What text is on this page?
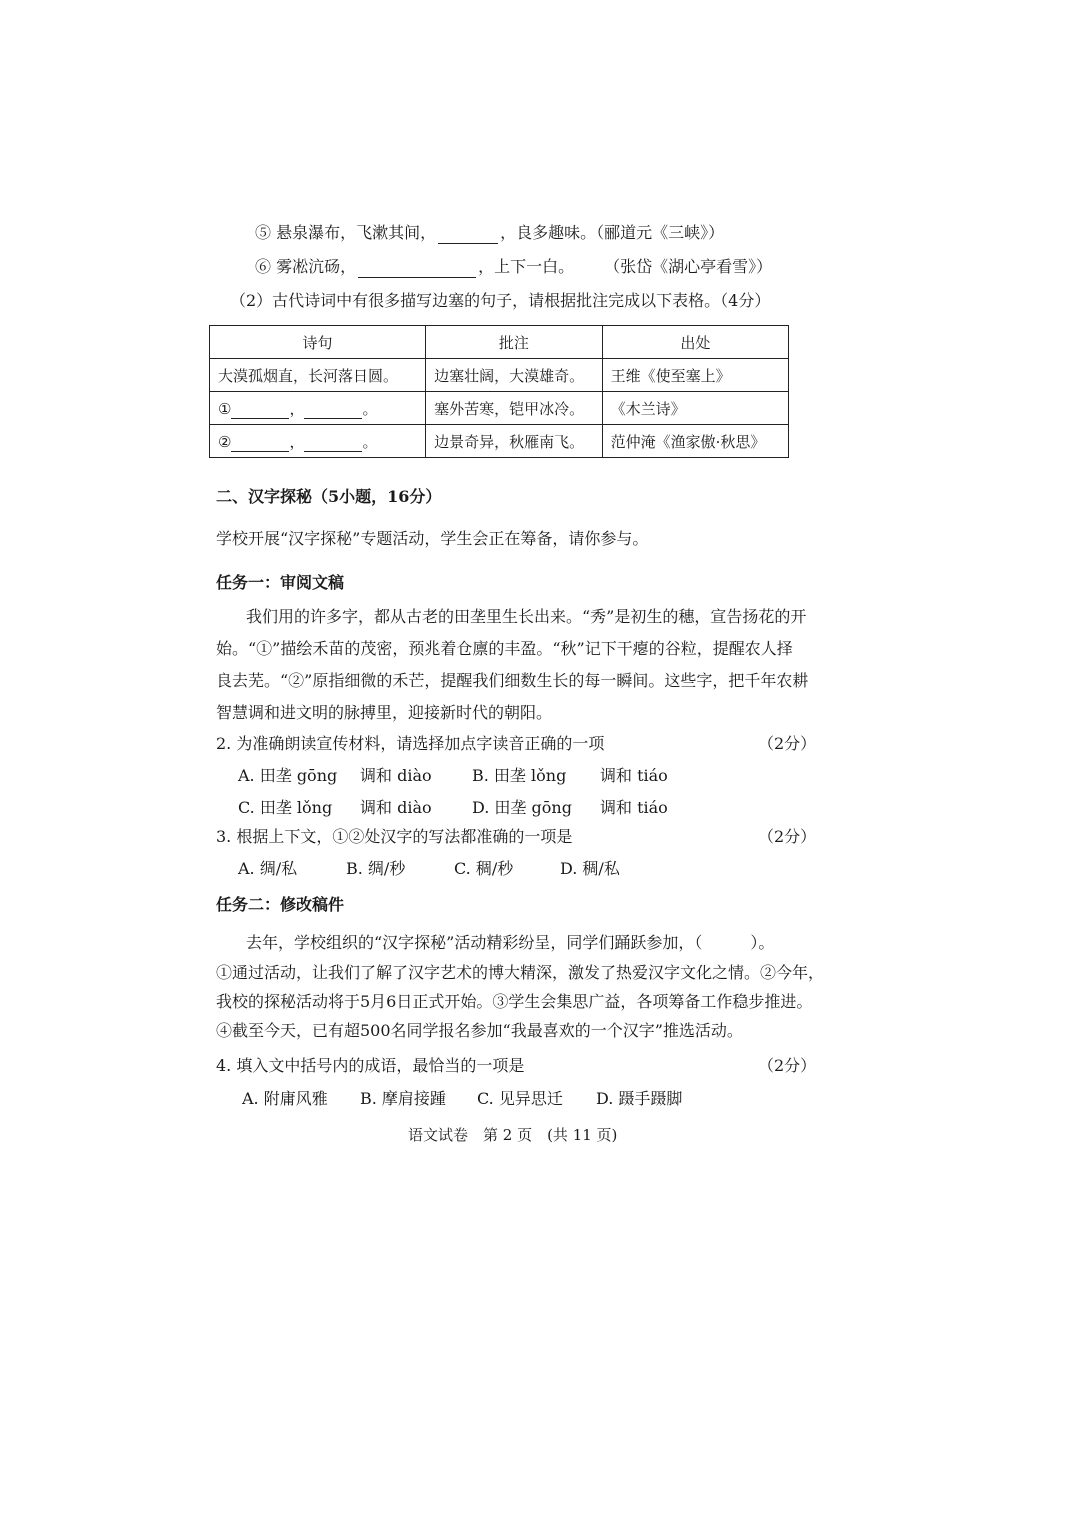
⑤ 悬泉瀑布，飞漱其间，	，良多趣味。（郦道元《三峡》）
⑥ 雾凇沆砀，	，上下一白。 （张岱《湖心亭看雪》）
（2）古代诗词中有很多描写边塞的句子，请根据批注完成以下表格。（4分）
诗句	批注	出处
大漠孤烟直，长河落日圆。	边塞壮阔，大漠雄奇。	王维《使至塞上》
① ， 。	塞外苦寒，铠甲冰冷。	《木兰诗》
② ， 。	边景奇异，秋雁南飞。	范仲淹《渔家傲·秋思》
二、汉字探秘（5小题，16分）
学校开展“汉字探秘”专题活动，学生会正在筹备，请你参与。
任务一：审阅文稿
我们用的许多字，都从古老的田垄里生长出来。“秀”是初生的穗，宣告扬花的开
始。“①”描绘禾苗的茂密，预兆着仓廪的丰盈。“秋”记下干瘪的谷粒，提醒农人择
良去芜。“②”原指细微的禾芒，提醒我们细数生长的每一瞬间。这些字，把千年农耕
智慧调和进文明的脉搏里，迎接新时代的朝阳。
2. 为准确朗读宣传材料，请选择加点字读音正确的一项	（2分）
A. 田垄 gōng 调和 diào	B. 田垄 lǒng 调和 tiáo
C. 田垄 lǒng 调和 diào	D. 田垄 gōng 调和 tiáo
3. 根据上下文，①②处汉字的写法都准确的一项是	（2分）
A. 绸/私	B. 绸/秒	C. 稠/秒	D. 稠/私
任务二：修改稿件
去年，学校组织的“汉字探秘”活动精彩纷呈，同学们踊跃参加，（　　　）。
①通过活动，让我们了解了汉字艺术的博大精深，激发了热爱汉字文化之情。②今年，
我校的探秘活动将于5月6日正式开始。③学生会集思广益，各项筹备工作稳步推进。
④截至今天，已有超500名同学报名参加“我最喜欢的一个汉字”推选活动。
4. 填入文中括号内的成语，最恰当的一项是	（2分）
A. 附庸风雅 B. 摩肩接踵 C. 见异思迁 D. 蹑手蹑脚
语文试卷　第 2 页　(共 11 页)
